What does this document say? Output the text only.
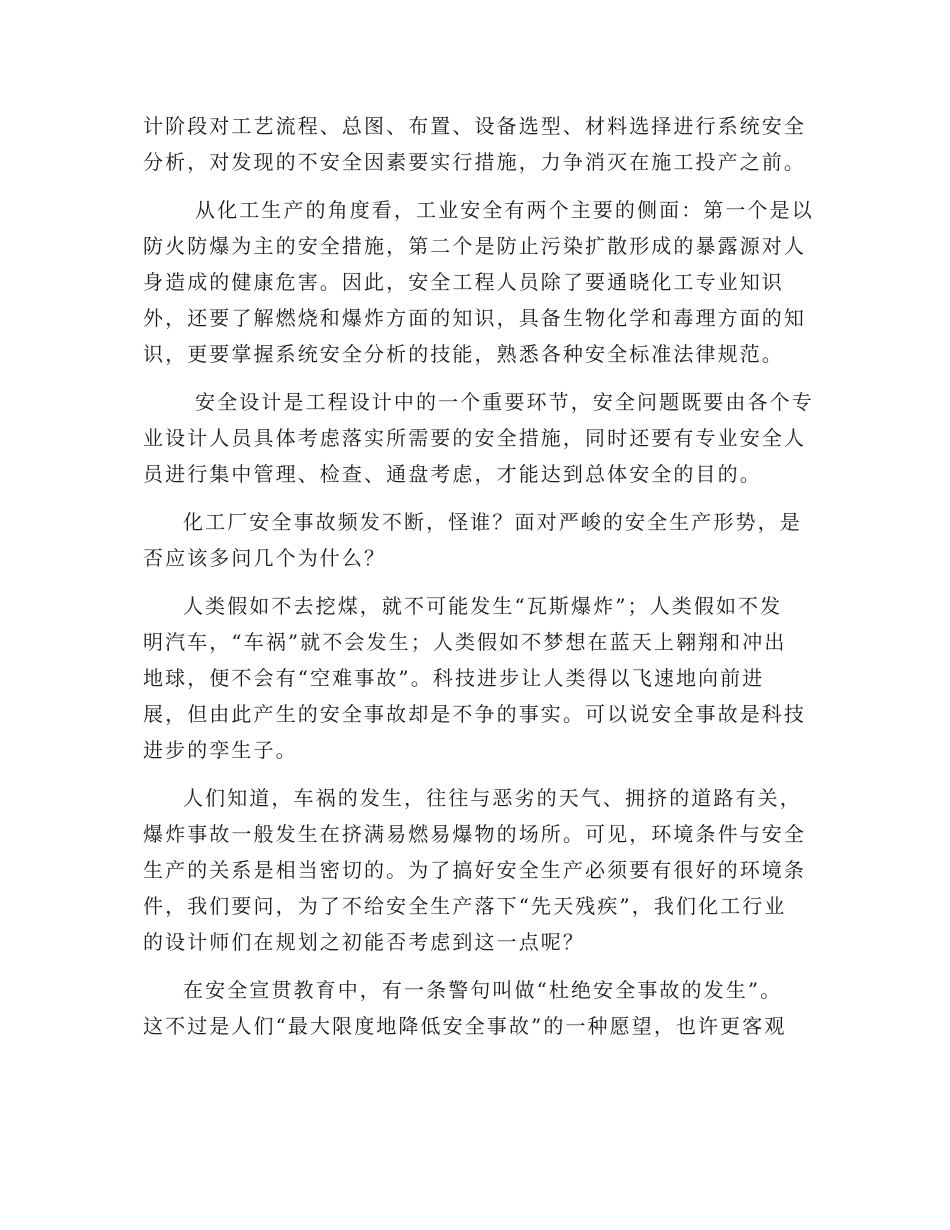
计阶段对工艺流程、总图、布置、设备选型、材料选择进行系统安全
分析，对发现的不安全因素要实行措施，力争消灭在施工投产之前。
从化工生产的角度看，工业安全有两个主要的侧面：第一个是以
防火防爆为主的安全措施，第二个是防止污染扩散形成的暴露源对人
身造成的健康危害。因此，安全工程人员除了要通晓化工专业知识
外，还要了解燃烧和爆炸方面的知识，具备生物化学和毒理方面的知
识，更要掌握系统安全分析的技能，熟悉各种安全标准法律规范。
安全设计是工程设计中的一个重要环节，安全问题既要由各个专
业设计人员具体考虑落实所需要的安全措施，同时还要有专业安全人
员进行集中管理、检查、通盘考虑，才能达到总体安全的目的。
化工厂安全事故频发不断，怪谁？面对严峻的安全生产形势，是
否应该多问几个为什么？
人类假如不去挖煤，就不可能发生“瓦斯爆炸”；人类假如不发
明汽车，“车祸”就不会发生；人类假如不梦想在蓝天上翱翔和冲出
地球，便不会有“空难事故”。科技进步让人类得以飞速地向前进
展，但由此产生的安全事故却是不争的事实。可以说安全事故是科技
进步的孪生子。
人们知道，车祸的发生，往往与恶劣的天气、拥挤的道路有关，
爆炸事故一般发生在挤满易燃易爆物的场所。可见，环境条件与安全
生产的关系是相当密切的。为了搞好安全生产必须要有很好的环境条
件，我们要问，为了不给安全生产落下“先天残疾”，我们化工行业
的设计师们在规划之初能否考虑到这一点呢？
在安全宣贯教育中，有一条警句叫做“杜绝安全事故的发生”。
这不过是人们“最大限度地降低安全事故”的一种愿望，也许更客观
